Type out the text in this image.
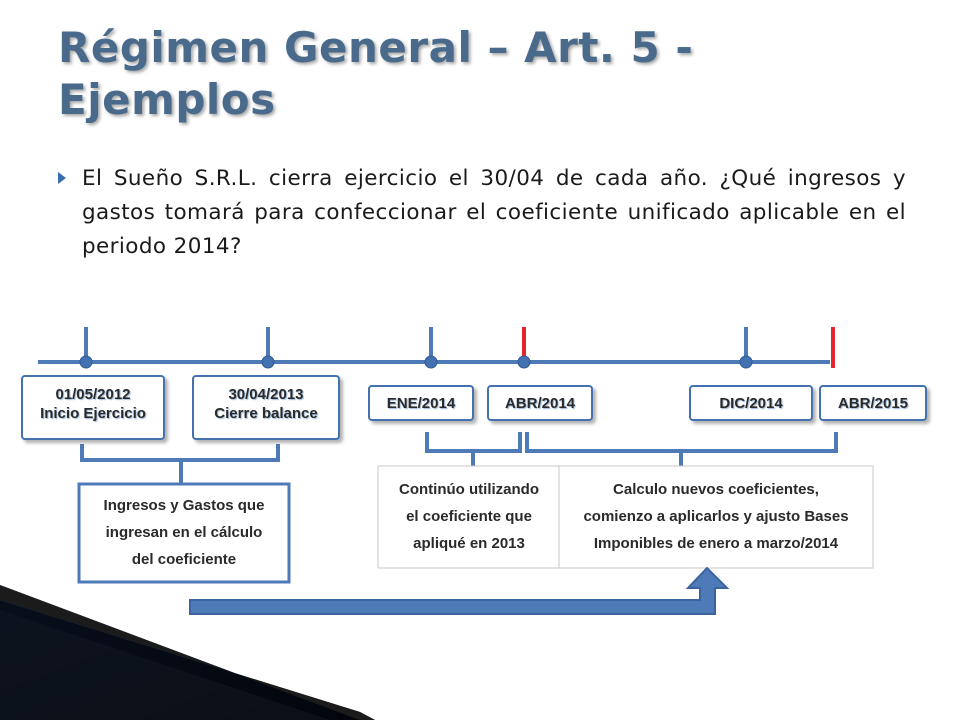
Régimen General – Art. 5 - Ejemplos
El Sueño S.R.L. cierra ejercicio el 30/04 de cada año. ¿Qué ingresos y gastos tomará para confeccionar el coeficiente unificado aplicable en el periodo 2014?
01/05/2012
Inicio Ejercicio
30/04/2013
Cierre balance
ENE/2014	ABR/2014	DIC/2014	ABR/2015
Ingresos y Gastos que
ingresan en el cálculo
del coeficiente
Continúo utilizando
el coeficiente que
apliqué en 2013
Calculo nuevos coeficientes,
comienzo a aplicarlos y ajusto Bases
Imponibles de enero a marzo/2014
